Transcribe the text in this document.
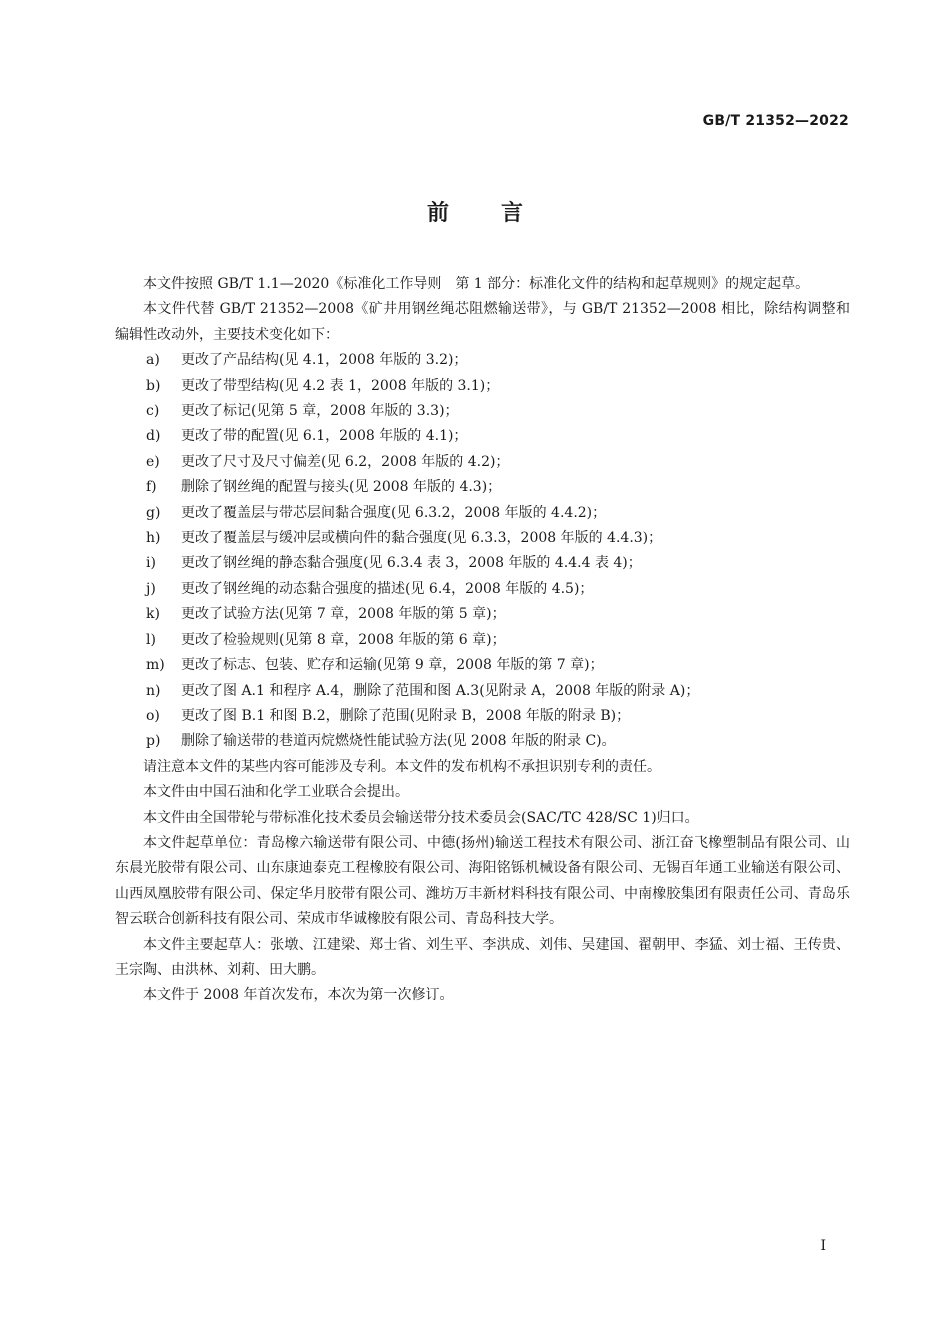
GB/T 21352—2022
前言

本文件按照 GB/T 1.1—2020《标准化工作导则　第 1 部分：标准化文件的结构和起草规则》的规定起草。

本文件代替 GB/T 21352—2008《矿井用钢丝绳芯阻燃输送带》，与 GB/T 21352—2008 相比，除结构调整和编辑性改动外，主要技术变化如下：

a) 更改了产品结构(见 4.1，2008 年版的 3.2)；

b) 更改了带型结构(见 4.2 表 1，2008 年版的 3.1)；

c) 更改了标记(见第 5 章，2008 年版的 3.3)；

d) 更改了带的配置(见 6.1，2008 年版的 4.1)；

e) 更改了尺寸及尺寸偏差(见 6.2，2008 年版的 4.2)；

f) 删除了钢丝绳的配置与接头(见 2008 年版的 4.3)；

g) 更改了覆盖层与带芯层间黏合强度(见 6.3.2，2008 年版的 4.4.2)；

h) 更改了覆盖层与缓冲层或横向件的黏合强度(见 6.3.3，2008 年版的 4.4.3)；

i) 更改了钢丝绳的静态黏合强度(见 6.3.4 表 3，2008 年版的 4.4.4 表 4)；

j) 更改了钢丝绳的动态黏合强度的描述(见 6.4，2008 年版的 4.5)；

k) 更改了试验方法(见第 7 章，2008 年版的第 5 章)；

l) 更改了检验规则(见第 8 章，2008 年版的第 6 章)；

m) 更改了标志、包装、贮存和运输(见第 9 章，2008 年版的第 7 章)；

n) 更改了图 A.1 和程序 A.4，删除了范围和图 A.3(见附录 A，2008 年版的附录 A)；

o) 更改了图 B.1 和图 B.2，删除了范围(见附录 B，2008 年版的附录 B)；

p) 删除了输送带的巷道丙烷燃烧性能试验方法(见 2008 年版的附录 C)。

请注意本文件的某些内容可能涉及专利。本文件的发布机构不承担识别专利的责任。

本文件由中国石油和化学工业联合会提出。

本文件由全国带轮与带标准化技术委员会输送带分技术委员会(SAC/TC 428/SC 1)归口。

本文件起草单位：青岛橡六输送带有限公司、中德(扬州)输送工程技术有限公司、浙江奋飞橡塑制品有限公司、山东晨光胶带有限公司、山东康迪泰克工程橡胶有限公司、海阳铭铄机械设备有限公司、无锡百年通工业输送有限公司、山西凤凰胶带有限公司、保定华月胶带有限公司、潍坊万丰新材料科技有限公司、中南橡胶集团有限责任公司、青岛乐智云联合创新科技有限公司、荣成市华诚橡胶有限公司、青岛科技大学。

本文件主要起草人：张墩、江建梁、郑士省、刘生平、李洪成、刘伟、吴建国、翟朝甲、李猛、刘士福、王传贵、王宗陶、由洪林、刘莉、田大鹏。

本文件于 2008 年首次发布，本次为第一次修订。

I
